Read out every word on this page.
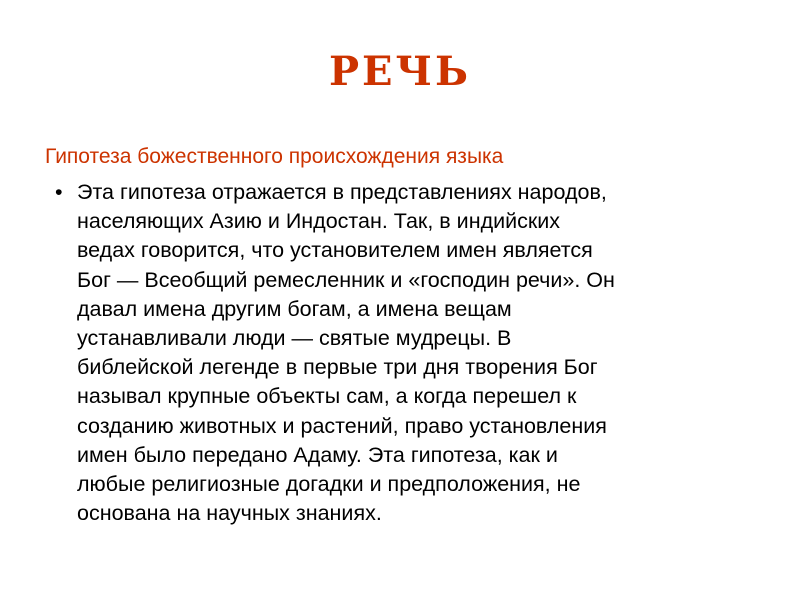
РЕЧЬ

Гипотеза божественного происхождения языка

• Эта гипотеза отражается в представлениях народов,
населяющих Азию и Индостан. Так, в индийских
ведах говорится, что установителем имен является
Бог — Всеобщий ремесленник и «господин речи». Он
давал имена другим богам, а имена вещам
устанавливали люди — святые мудрецы. В
библейской легенде в первые три дня творения Бог
называл крупные объекты сам, а когда перешел к
созданию животных и растений, право установления
имен было передано Адаму. Эта гипотеза, как и
любые религиозные догадки и предположения, не
основана на научных знаниях.
